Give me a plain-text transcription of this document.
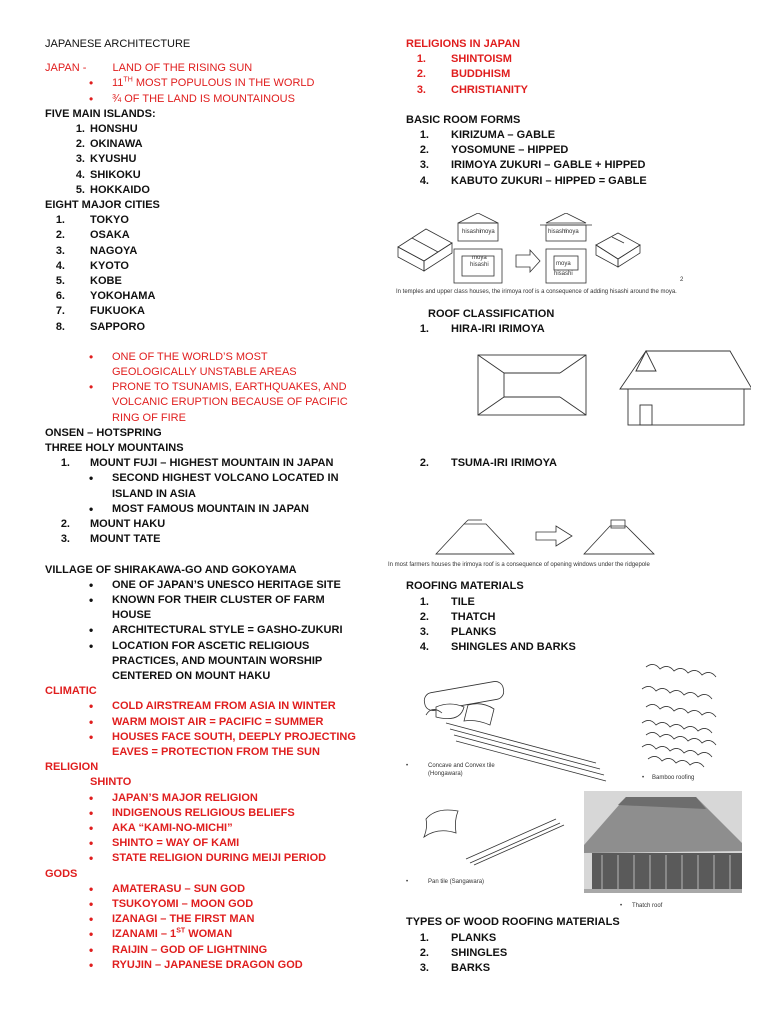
JAPANESE ARCHITECTURE
JAPAN - LAND OF THE RISING SUN
• 11TH MOST POPULOUS IN THE WORLD
• ¾ OF THE LAND IS MOUNTAINOUS
FIVE MAIN ISLANDS:
1. HONSHU
2. OKINAWA
3. KYUSHU
4. SHIKOKU
5. HOKKAIDO
EIGHT MAJOR CITIES
1. TOKYO
2. OSAKA
3. NAGOYA
4. KYOTO
5. KOBE
6. YOKOHAMA
7. FUKUOKA
8. SAPPORO
• ONE OF THE WORLD’S MOST
GEOLOGICALLY UNSTABLE AREAS
• PRONE TO TSUNAMIS, EARTHQUAKES, AND
VOLCANIC ERUPTION BECAUSE OF PACIFIC
RING OF FIRE
ONSEN – HOTSPRING
THREE HOLY MOUNTAINS
1. MOUNT FUJI – HIGHEST MOUNTAIN IN JAPAN
• SECOND HIGHEST VOLCANO LOCATED IN
ISLAND IN ASIA
• MOST FAMOUS MOUNTAIN IN JAPAN
2. MOUNT HAKU
3. MOUNT TATE
VILLAGE OF SHIRAKAWA-GO AND GOKOYAMA
• ONE OF JAPAN’S UNESCO HERITAGE SITE
• KNOWN FOR THEIR CLUSTER OF FARM
HOUSE
• ARCHITECTURAL STYLE = GASHO-ZUKURI
• LOCATION FOR ASCETIC RELIGIOUS
PRACTICES, AND MOUNTAIN WORSHIP
CENTERED ON MOUNT HAKU
CLIMATIC
• COLD AIRSTREAM FROM ASIA IN WINTER
• WARM MOIST AIR = PACIFIC = SUMMER
• HOUSES FACE SOUTH, DEEPLY PROJECTING
EAVES = PROTECTION FROM THE SUN
RELIGION
SHINTO
• JAPAN’S MAJOR RELIGION
• INDIGENOUS RELIGIOUS BELIEFS
• AKA “KAMI-NO-MICHI”
• SHINTO = WAY OF KAMI
• STATE RELIGION DURING MEIJI PERIOD
GODS
• AMATERASU – SUN GOD
• TSUKOYOMI – MOON GOD
• IZANAGI – THE FIRST MAN
• IZANAMI – 1ST WOMAN
• RAIJIN – GOD OF LIGHTNING
• RYUJIN – JAPANESE DRAGON GOD
RELIGIONS IN JAPAN
1. SHINTOISM
2. BUDDHISM
3. CHRISTIANITY
BASIC ROOM FORMS
1. KIRIZUMA – GABLE
2. YOSOMUNE – HIPPED
3. IRIMOYA ZUKURI – GABLE + HIPPED
4. KABUTO ZUKURI – HIPPED = GABLE
hisashi moya
hisashi
moya
moya
hisashi
moya
hisashi
2
In temples and upper class houses, the irimoya roof is a consequence of adding hisashi around the moya.
ROOF CLASSIFICATION
1. HIRA-IRI IRIMOYA
2. TSUMA-IRI IRIMOYA
In most farmers houses the irimoya roof is a consequence of opening windows under the ridgepole
ROOFING MATERIALS
1. TILE
2. THATCH
3. PLANKS
4. SHINGLES AND BARKS
•	Concave and Convex tile
(Hongawara)
• Bamboo roofing
•	Pan tile (Sangawara)
• Thatch roof
TYPES OF WOOD ROOFING MATERIALS
1. PLANKS
2. SHINGLES
3. BARKS
